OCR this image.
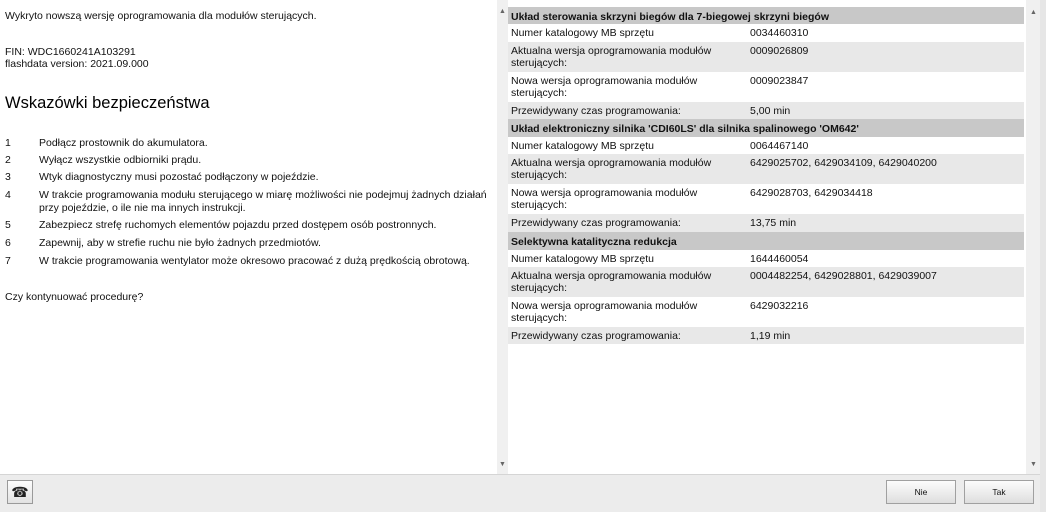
Wykryto nowszą wersję oprogramowania dla modułów sterujących.
FIN: WDC1660241A103291
flashdata version: 2021.09.000
Wskazówki bezpieczeństwa
1	Podłącz prostownik do akumulatora.
2	Wyłącz wszystkie odbiorniki prądu.
3	Wtyk diagnostyczny musi pozostać podłączony w pojeździe.
4	W trakcie programowania modułu sterującego w miarę możliwości nie podejmuj żadnych działań przy pojeździe, o ile nie ma innych instrukcji.
5	Zabezpiecz strefę ruchomych elementów pojazdu przed dostępem osób postronnych.
6	Zapewnij, aby w strefie ruchu nie było żadnych przedmiotów.
7	W trakcie programowania wentylator może okresowo pracować z dużą prędkością obrotową.
Czy kontynuować procedurę?
▲
▼
Układ sterowania skrzyni biegów dla 7-biegowej skrzyni biegów
Numer katalogowy MB sprzętu	0034460310
Aktualna wersja oprogramowania modułów sterujących:
0009026809
Nowa wersja oprogramowania modułów sterujących:
0009023847
Przewidywany czas programowania:	5,00 min
Układ elektroniczny silnika 'CDI60LS' dla silnika spalinowego 'OM642'
Numer katalogowy MB sprzętu	0064467140
Aktualna wersja oprogramowania modułów sterujących:
6429025702, 6429034109, 6429040200
Nowa wersja oprogramowania modułów sterujących:
6429028703, 6429034418
Przewidywany czas programowania:	13,75 min
Selektywna katalityczna redukcja
Numer katalogowy MB sprzętu	1644460054
Aktualna wersja oprogramowania modułów sterujących:
0004482254, 6429028801, 6429039007
Nowa wersja oprogramowania modułów sterujących:
6429032216
Przewidywany czas programowania:	1,19 min
▲
▼
☎	Nie	Tak
